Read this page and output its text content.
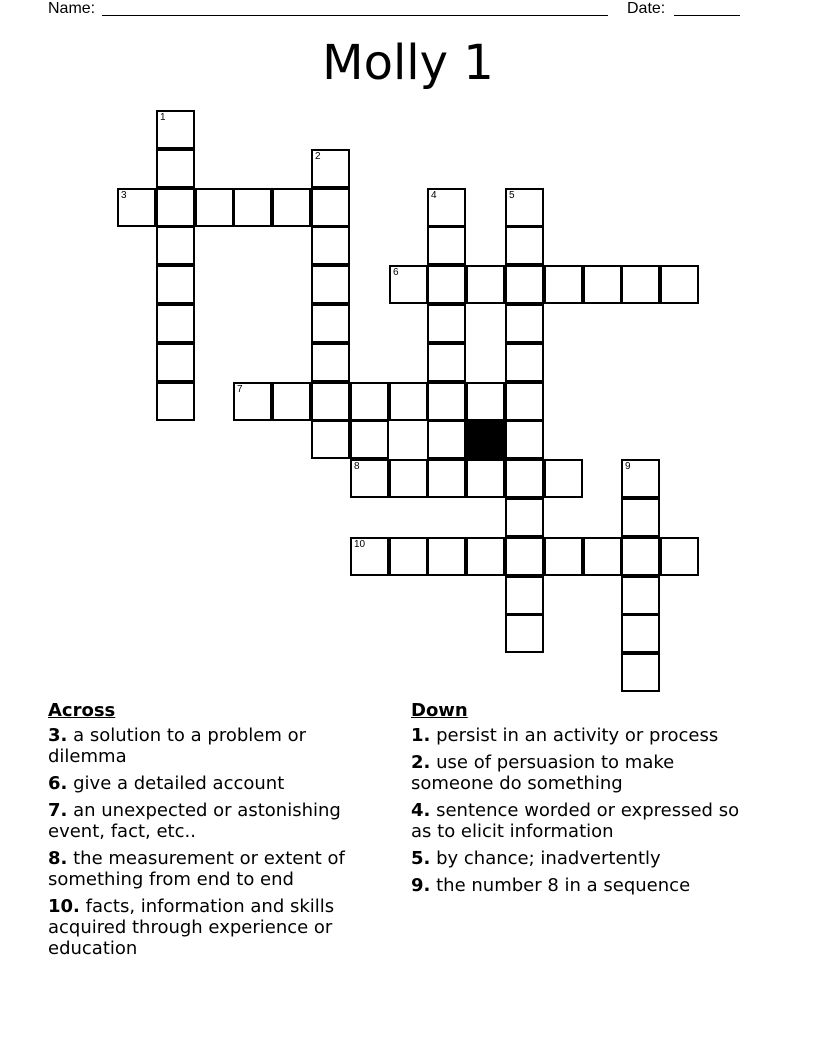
Name:	Date:
Molly 1
1
2
3	4	5
6
7
8	9
10
Across
3. a solution to a problem or dilemma
6. give a detailed account
7. an unexpected or astonishing event, fact, etc..
8. the measurement or extent of something from end to end
10. facts, information and skills acquired through experience or education
Down
1. persist in an activity or process
2. use of persuasion to make someone do something
4. sentence worded or expressed so as to elicit information
5. by chance; inadvertently
9. the number 8 in a sequence
